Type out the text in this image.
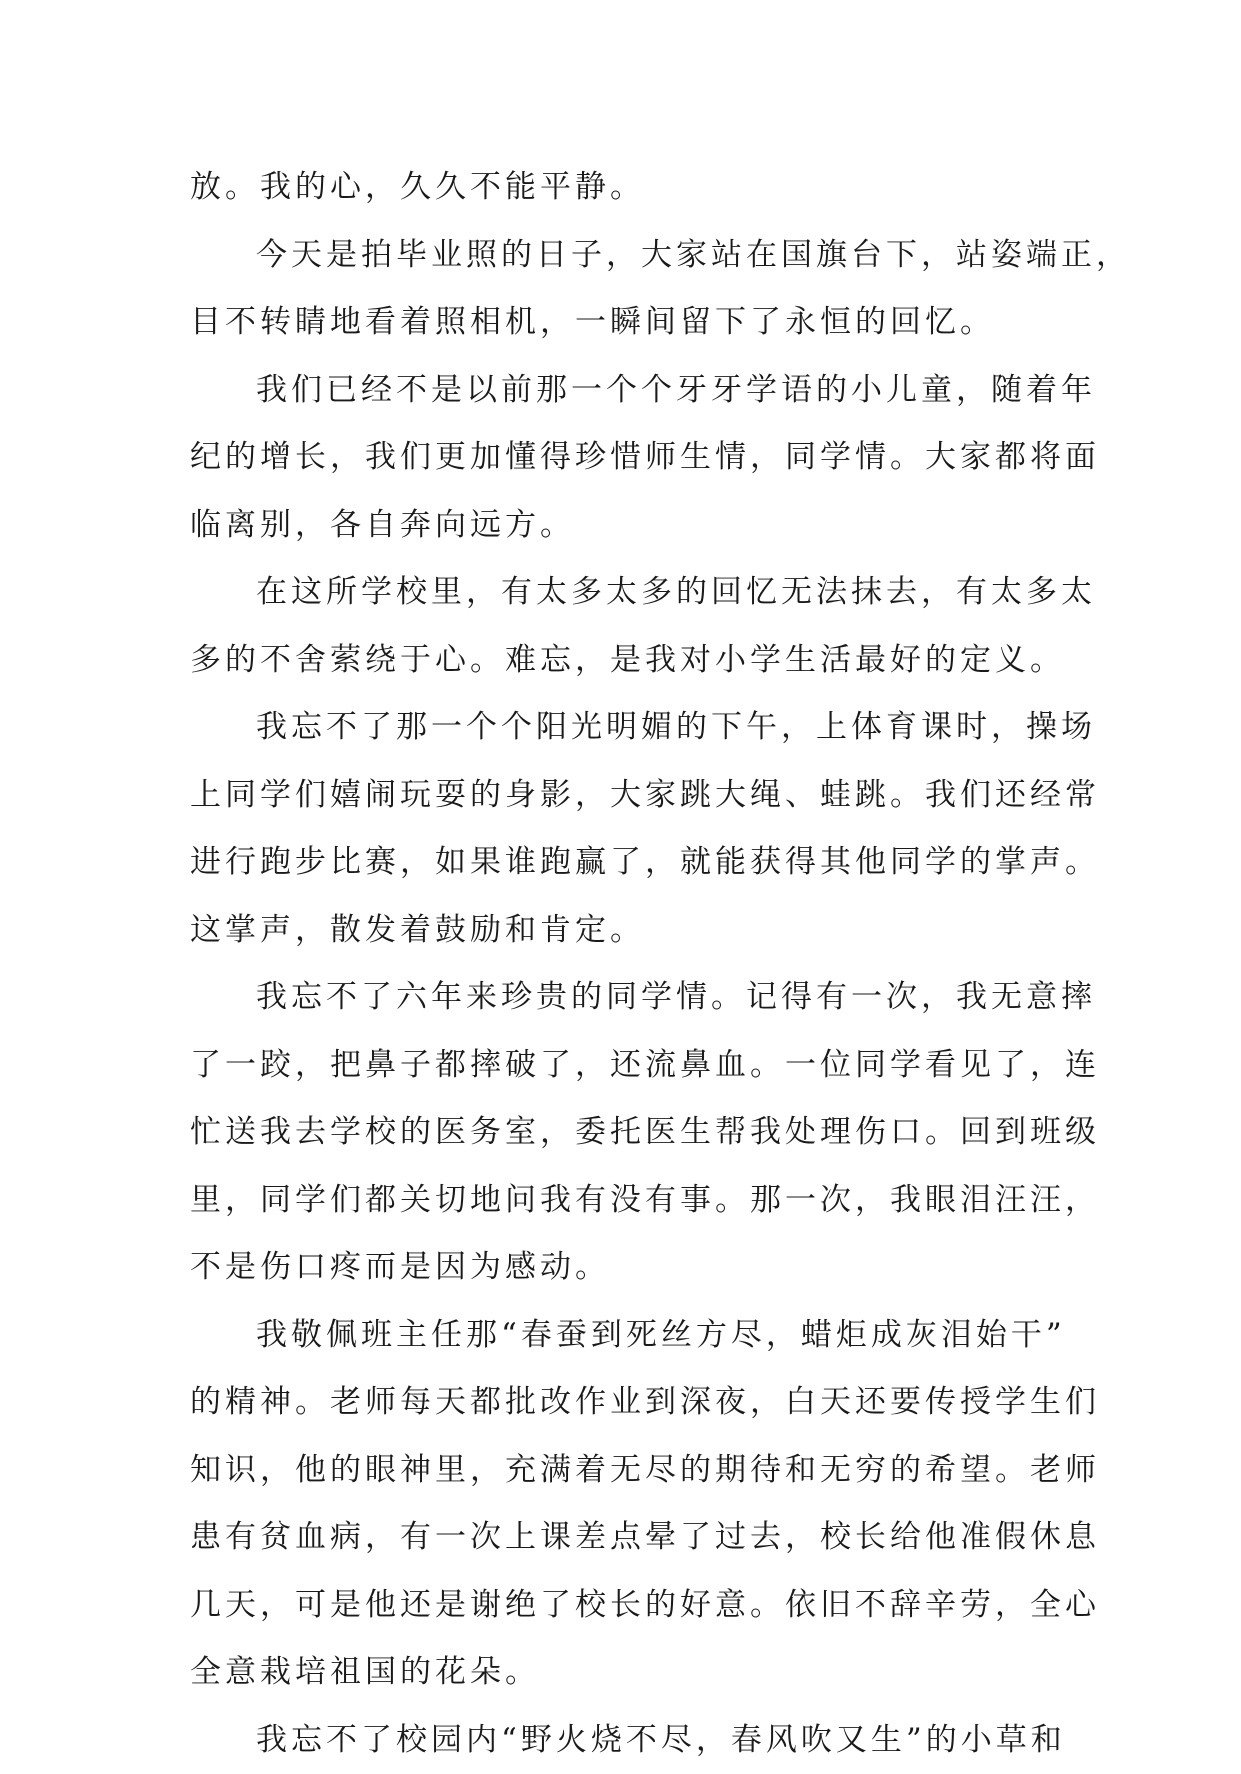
放。我的心，久久不能平静。
今天是拍毕业照的日子，大家站在国旗台下，站姿端正，
目不转睛地看着照相机，一瞬间留下了永恒的回忆。
我们已经不是以前那一个个牙牙学语的小儿童，随着年
纪的增长，我们更加懂得珍惜师生情，同学情。大家都将面
临离别，各自奔向远方。
在这所学校里，有太多太多的回忆无法抹去，有太多太
多的不舍萦绕于心。难忘，是我对小学生活最好的定义。
我忘不了那一个个阳光明媚的下午，上体育课时，操场
上同学们嬉闹玩耍的身影，大家跳大绳、蛙跳。我们还经常
进行跑步比赛，如果谁跑赢了，就能获得其他同学的掌声。
这掌声，散发着鼓励和肯定。
我忘不了六年来珍贵的同学情。记得有一次，我无意摔
了一跤，把鼻子都摔破了，还流鼻血。一位同学看见了，连
忙送我去学校的医务室，委托医生帮我处理伤口。回到班级
里，同学们都关切地问我有没有事。那一次，我眼泪汪汪，
不是伤口疼而是因为感动。
我敬佩班主任那“春蚕到死丝方尽，蜡炬成灰泪始干”
的精神。老师每天都批改作业到深夜，白天还要传授学生们
知识，他的眼神里，充满着无尽的期待和无穷的希望。老师
患有贫血病，有一次上课差点晕了过去，校长给他准假休息
几天，可是他还是谢绝了校长的好意。依旧不辞辛劳，全心
全意栽培祖国的花朵。
我忘不了校园内“野火烧不尽，春风吹又生”的小草和
